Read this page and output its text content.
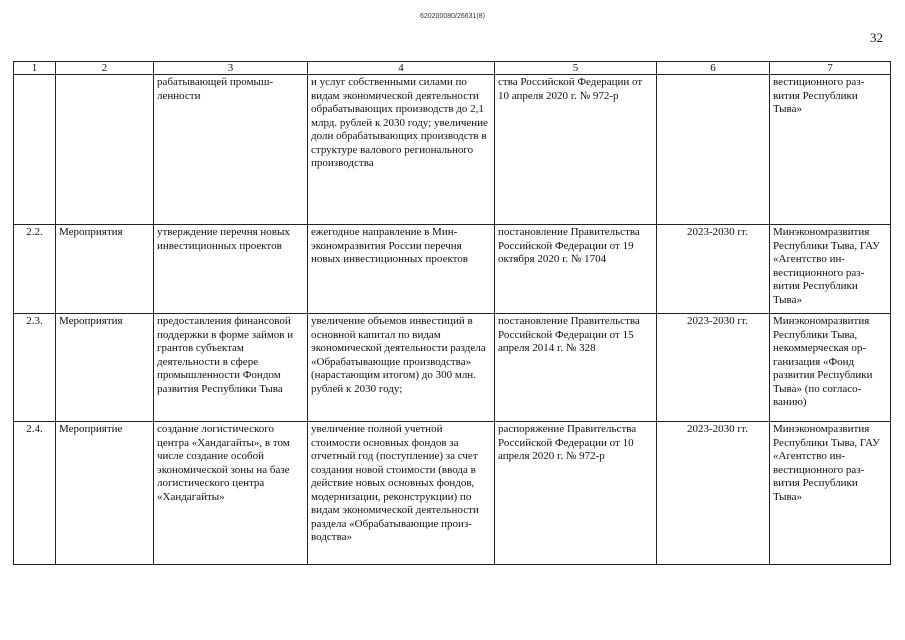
620200080/26631(8)
32
1	2	3	4	5	6	7
		рабатывающей промышленности	и услуг собственными силами по видам экономической деятельности обрабатывающих производств до 2,1 млрд. рублей к 2030 году; увеличение доли обрабатывающих производств в структуре валового регионального производства	ства Российской Федерации от 10 апреля 2020 г. № 972-р		вестиционного развития Республики Тыва»
2.2.	Мероприятия	утверждение перечня новых инвестиционных проектов	ежегодное направление в Минэкономразвития России перечня новых инвестиционных проектов	постановление Правительства Российской Федерации от 19 октября 2020 г. № 1704	2023-2030 гг.	Минэкономразвития Республики Тыва, ГАУ «Агентство инвестиционного развития Республики Тыва»
2.3.	Мероприятия	предоставления финансовой поддержки в форме займов и грантов субъектам деятельности в сфере промышленности Фондом развития Республики Тыва	увеличение объемов инвестиций в основной капитал по видам экономической деятельности раздела «Обрабатывающие производства» (нарастающим итогом) до 300 млн. рублей к 2030 году;	постановление Правительства Российской Федерации от 15 апреля 2014 г. № 328	2023-2030 гг.	Минэкономразвития Республики Тыва, некоммерческая организация «Фонд развития Республики Тыва» (по согласованию)
2.4.	Мероприятие	создание логистического центра «Хандагайты», в том числе создание особой экономической зоны на базе логистического центра «Хандагайты»	увеличение полной учетной стоимости основных фондов за отчетный год (поступление) за счет создания новой стоимости (ввода в действие новых основных фондов, модернизации, реконструкции) по видам экономической деятельности раздела «Обрабатывающие производства»	распоряжение Правительства Российской Федерации от 10 апреля 2020 г. № 972-р	2023-2030 гг.	Минэкономразвития Республики Тыва, ГАУ «Агентство инвестиционного развития Республики Тыва»
